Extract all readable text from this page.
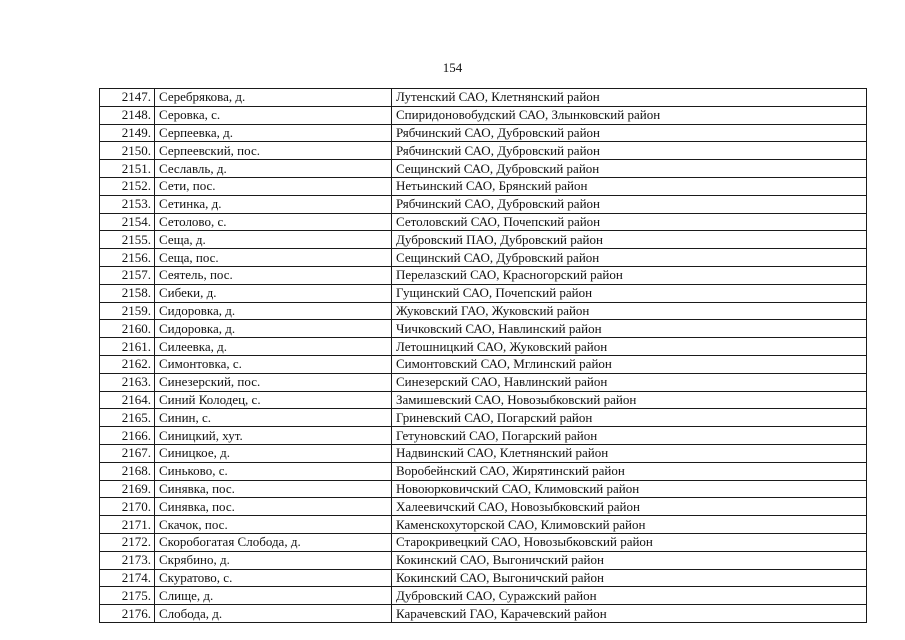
154
2147.	Серебрякова, д.	Лутенский САО, Клетнянский район
2148.	Серовка, с.	Спиридоновобудский САО, Злынковский район
2149.	Серпеевка, д.	Рябчинский САО, Дубровский район
2150.	Серпеевский, пос.	Рябчинский САО, Дубровский район
2151.	Сеславль, д.	Сещинский САО, Дубровский район
2152.	Сети, пос.	Нетьинский САО, Брянский район
2153.	Сетинка, д.	Рябчинский САО, Дубровский район
2154.	Сетолово, с.	Сетоловский САО, Почепский район
2155.	Сеща, д.	Дубровский ПАО, Дубровский район
2156.	Сеща, пос.	Сещинский САО, Дубровский район
2157.	Сеятель, пос.	Перелазский САО, Красногорский район
2158.	Сибеки, д.	Гущинский САО, Почепский район
2159.	Сидоровка, д.	Жуковский ГАО, Жуковский район
2160.	Сидоровка, д.	Чичковский САО, Навлинский район
2161.	Силеевка, д.	Летошницкий САО, Жуковский район
2162.	Симонтовка, с.	Симонтовский САО, Мглинский район
2163.	Синезерский, пос.	Синезерский САО, Навлинский район
2164.	Синий Колодец, с.	Замишевский САО, Новозыбковский район
2165.	Синин, с.	Гриневский САО, Погарский район
2166.	Синицкий, хут.	Гетуновский САО, Погарский район
2167.	Синицкое, д.	Надвинский САО, Клетнянский район
2168.	Синьково, с.	Воробейнский САО, Жирятинский район
2169.	Синявка, пос.	Новоюрковичский САО, Климовский район
2170.	Синявка, пос.	Халеевичский САО, Новозыбковский район
2171.	Скачок, пос.	Каменскохуторской САО, Климовский район
2172.	Скоробогатая Слобода, д.	Старокривецкий САО, Новозыбковский район
2173.	Скрябино, д.	Кокинский САО, Выгоничский район
2174.	Скуратово, с.	Кокинский САО, Выгоничский район
2175.	Слище, д.	Дубровский САО, Суражский район
2176.	Слобода, д.	Карачевский ГАО, Карачевский район
